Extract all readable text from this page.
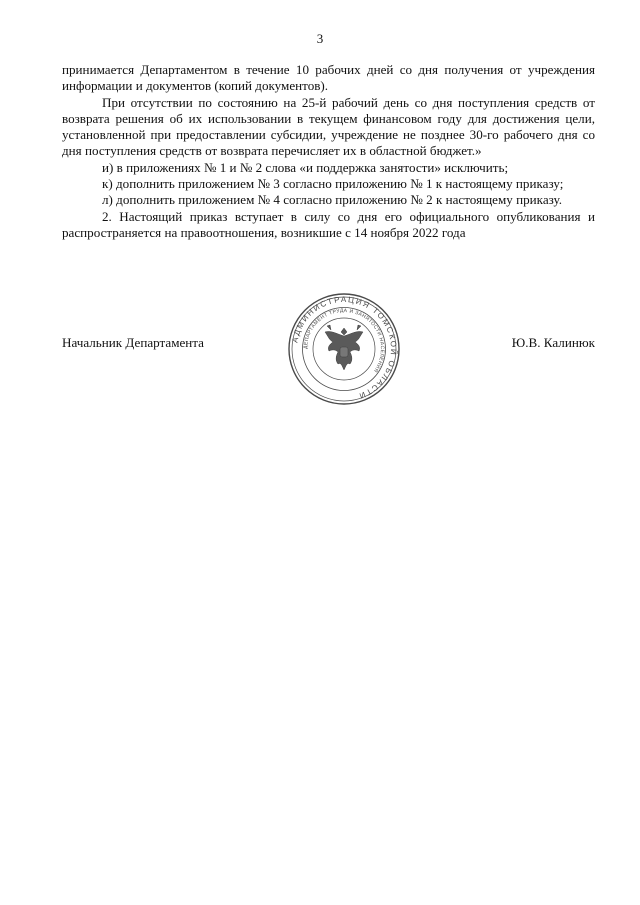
3

принимается Департаментом в течение 10 рабочих дней со дня получения от учреждения информации и документов (копий документов).

При отсутствии по состоянию на 25-й рабочий день со дня поступления средств от возврата решения об их использовании в текущем финансовом году для достижения цели, установленной при предоставлении субсидии, учреждение не позднее 30-го рабочего дня со дня поступления средств от возврата перечисляет их в областной бюджет.»

и) в приложениях № 1 и № 2 слова «и поддержка занятости» исключить;

к) дополнить приложением № 3 согласно приложению № 1 к настоящему приказу;

л) дополнить приложением № 4 согласно приложению № 2 к настоящему приказу.

2. Настоящий приказ вступает в силу со дня его официального опубликования и распространяется на правоотношения, возникшие с 14 ноября 2022 года

Начальник Департамента	Ю.В. Калинюк
АДМИНИСТРАЦИЯ ТОМСКОЙ ОБЛАСТИ
ДЕПАРТАМЕНТ ТРУДА И ЗАНЯТОСТИ НАСЕЛЕНИЯ
